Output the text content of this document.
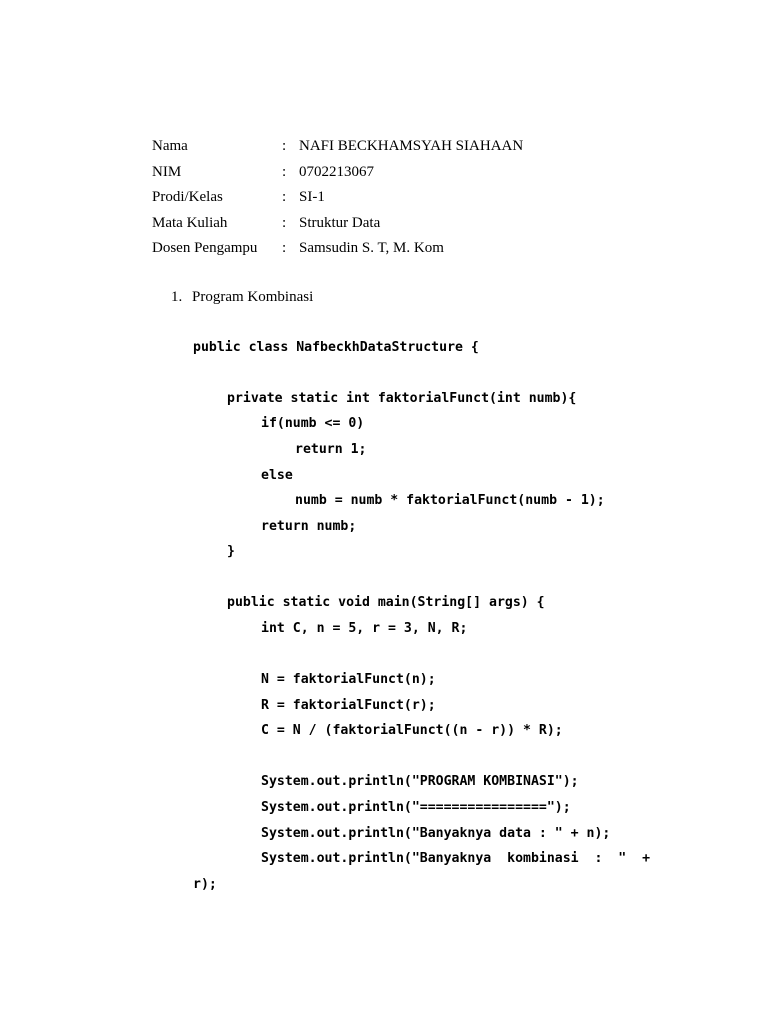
Nama	: NAFI BECKHAMSYAH SIAHAAN
NIM	: 0702213067
Prodi/Kelas	: SI-1
Mata Kuliah	: Struktur Data
Dosen Pengampu : Samsudin S. T, M. Kom
1. Program Kombinasi
public class NafbeckhDataStructure {
private static int faktorialFunct(int numb){
if(numb <= 0)
return 1;
else
numb = numb * faktorialFunct(numb - 1);
return numb;
}
public static void main(String[] args) {
int C, n = 5, r = 3, N, R;
N = faktorialFunct(n);
R = faktorialFunct(r);
C = N / (faktorialFunct((n - r)) * R);
System.out.println("PROGRAM KOMBINASI");
System.out.println("================");
System.out.println("Banyaknya data : " + n);
System.out.println("Banyaknya  kombinasi  :  "  +
r);
